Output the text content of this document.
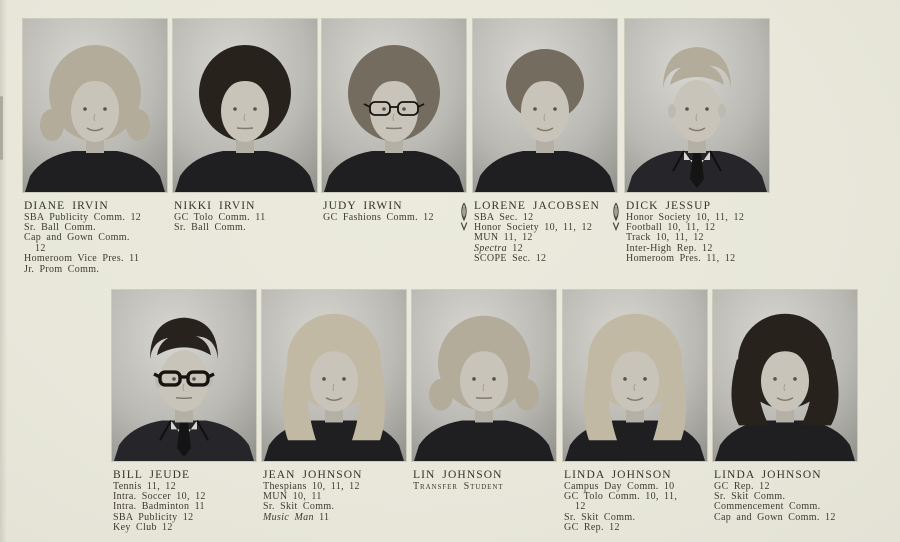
DIANE IRVIN
SBA Publicity Comm. 12
Sr. Ball Comm.
Cap and Gown Comm.
12
Homeroom Vice Pres. 11
Jr. Prom Comm.
NIKKI IRVIN
GC Tolo Comm. 11
Sr. Ball Comm.
JUDY IRWIN
GC Fashions Comm. 12
LORENE JACOBSEN
SBA Sec. 12
Honor Society 10, 11, 12
MUN 11, 12
Spectra 12
SCOPE Sec. 12
DICK JESSUP
Honor Society 10, 11, 12
Football 10, 11, 12
Track 10, 11, 12
Inter-High Rep. 12
Homeroom Pres. 11, 12
BILL JEUDE
Tennis 11, 12
Intra. Soccer 10, 12
Intra. Badminton 11
SBA Publicity 12
Key Club 12
JEAN JOHNSON
Thespians 10, 11, 12
MUN 10, 11
Sr. Skit Comm.
Music Man 11
LIN JOHNSON
Transfer Student
LINDA JOHNSON
Campus Day Comm. 10
GC Tolo Comm. 10, 11,
12
Sr. Skit Comm.
GC Rep. 12
LINDA JOHNSON
GC Rep. 12
Sr. Skit Comm.
Commencement Comm.
Cap and Gown Comm. 12
